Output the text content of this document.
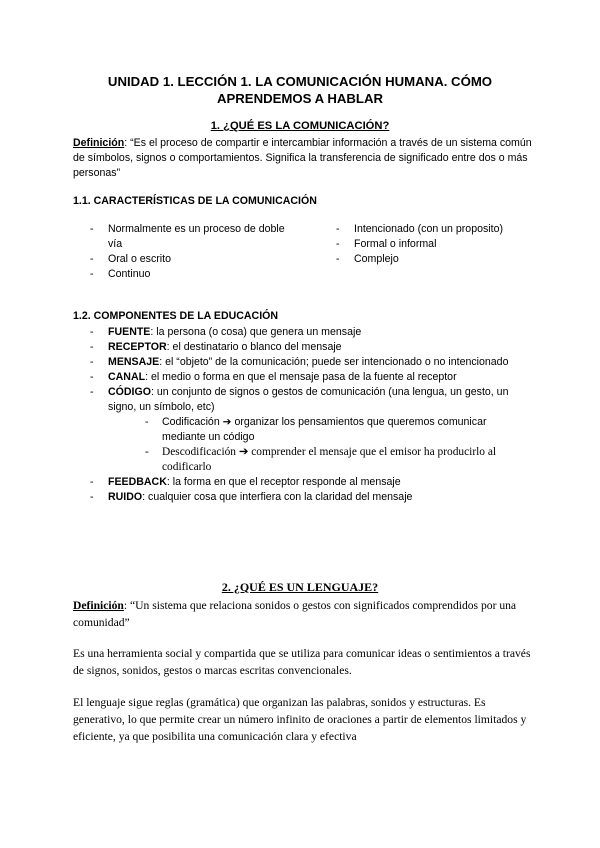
UNIDAD 1. LECCIÓN 1. LA COMUNICACIÓN HUMANA. CÓMO
APRENDEMOS A HABLAR
1. ¿QUÉ ES LA COMUNICACIÓN?
Definición: “Es el proceso de compartir e intercambiar información a través de un sistema común de símbolos, signos o comportamientos. Significa la transferencia de significado entre dos o más personas”
1.1. CARACTERÍSTICAS DE LA COMUNICACIÓN
- Normalmente es un proceso de doble vía
- Oral o escrito
- Continuo
- Intencionado (con un proposito)
- Formal o informal
- Complejo
1.2. COMPONENTES DE LA EDUCACIÓN
- FUENTE: la persona (o cosa) que genera un mensaje
- RECEPTOR: el destinatario o blanco del mensaje
- MENSAJE: el “objeto” de la comunicación; puede ser intencionado o no intencionado
- CANAL: el medio o forma en que el mensaje pasa de la fuente al receptor
- CÓDIGO: un conjunto de signos o gestos de comunicación (una lengua, un gesto, un signo, un símbolo, etc)
- Codificación ➔ organizar los pensamientos que queremos comunicar mediante un código
- Descodificación ➔ comprender el mensaje que el emisor ha producirlo al codificarlo
- FEEDBACK: la forma en que el receptor responde al mensaje
- RUIDO: cualquier cosa que interfiera con la claridad del mensaje
2. ¿QUÉ ES UN LENGUAJE?
Definición: “Un sistema que relaciona sonidos o gestos con significados comprendidos por una comunidad”
Es una herramienta social y compartida que se utiliza para comunicar ideas o sentimientos a través de signos, sonidos, gestos o marcas escritas convencionales.
El lenguaje sigue reglas (gramática) que organizan las palabras, sonidos y estructuras. Es generativo, lo que permite crear un número infinito de oraciones a partir de elementos limitados y eficiente, ya que posibilita una comunicación clara y efectiva
